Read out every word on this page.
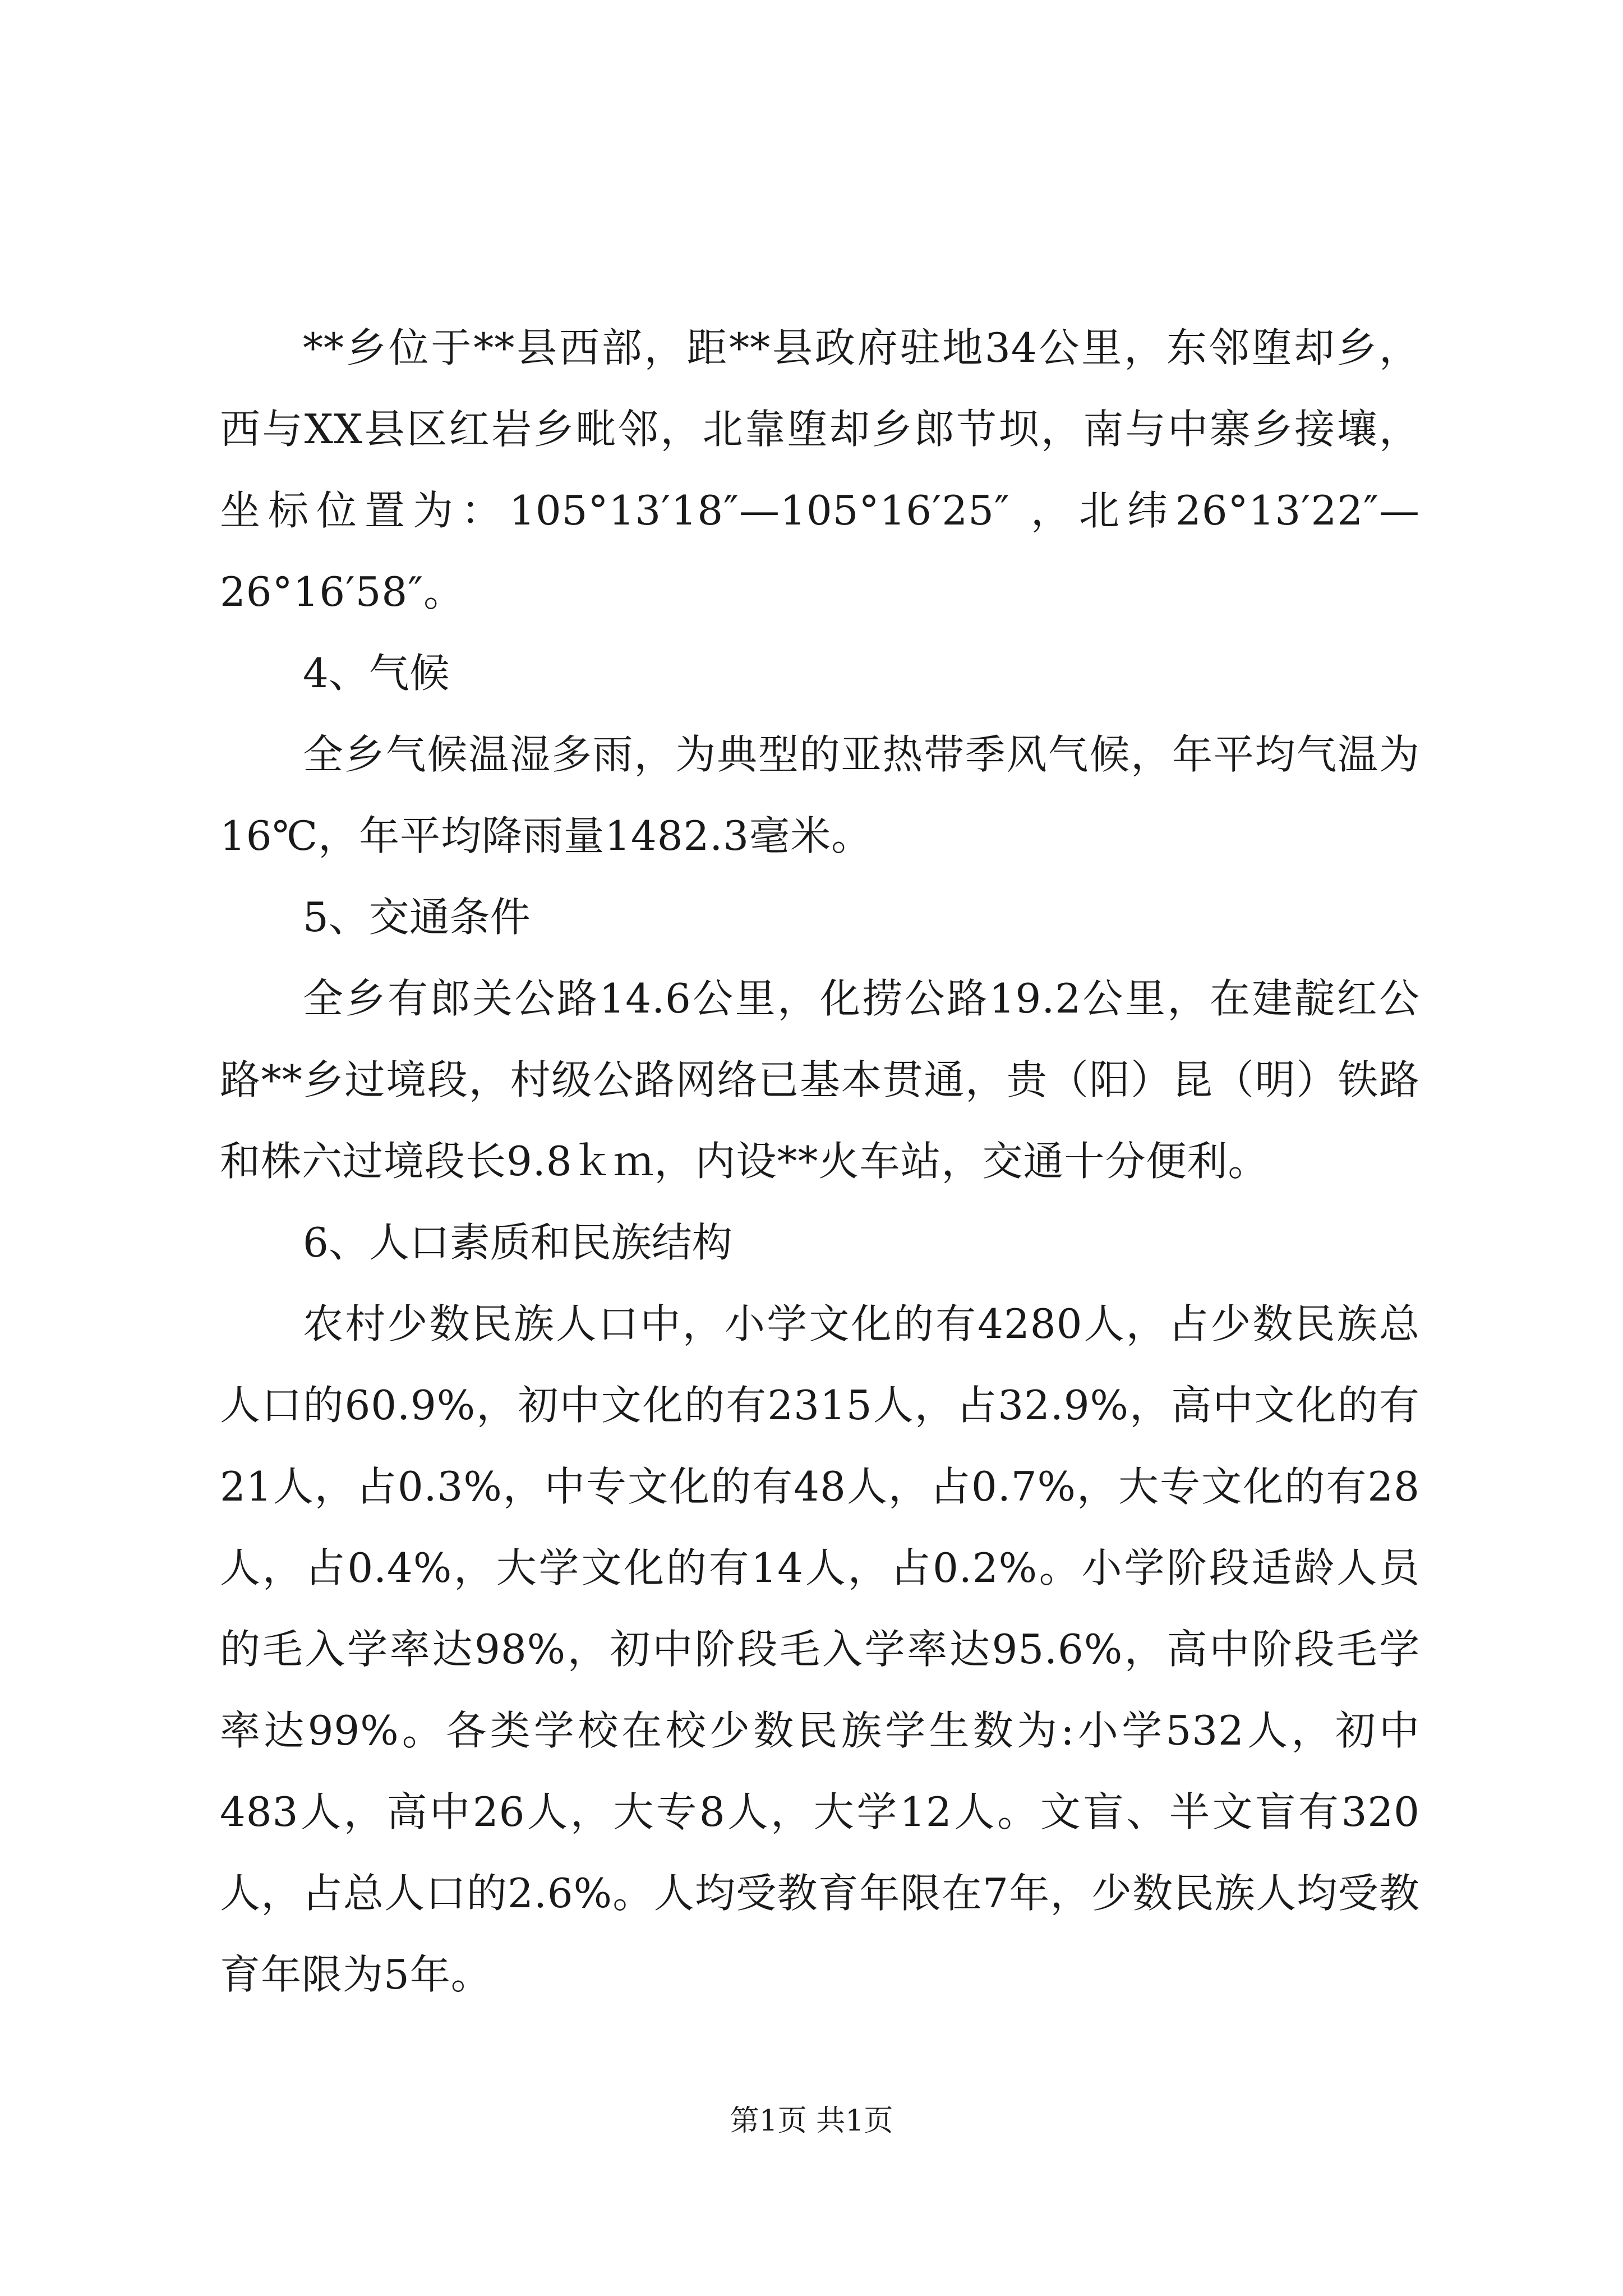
**乡位于**县西部，距**县政府驻地34公里，东邻堕却乡，西与XX县区红岩乡毗邻，北靠堕却乡郎节坝，南与中寨乡接壤，坐标位置为：105°13′18″—105°16′25″ ，北纬26°13′22″—26°16′58″。

4、气候

全乡气候温湿多雨，为典型的亚热带季风气候，年平均气温为16℃，年平均降雨量1482.3毫米。

5、交通条件

全乡有郎关公路14.6公里，化捞公路19.2公里，在建靛红公路**乡过境段，村级公路网络已基本贯通，贵（阳）昆（明）铁路和株六过境段长9.8ｋｍ，内设**火车站，交通十分便利。

6、人口素质和民族结构

农村少数民族人口中，小学文化的有4280人，占少数民族总人口的60.9%，初中文化的有2315人，占32.9%，高中文化的有21人，占0.3%，中专文化的有48人，占0.7%，大专文化的有28人，占0.4%，大学文化的有14人，占0.2%。小学阶段适龄人员的毛入学率达98%，初中阶段毛入学率达95.6%，高中阶段毛学率达99%。各类学校在校少数民族学生数为:小学532人，初中483人，高中26人，大专8人，大学12人。文盲、半文盲有320人，占总人口的2.6%。人均受教育年限在7年，少数民族人均受教育年限为5年。

第1页 共1页
